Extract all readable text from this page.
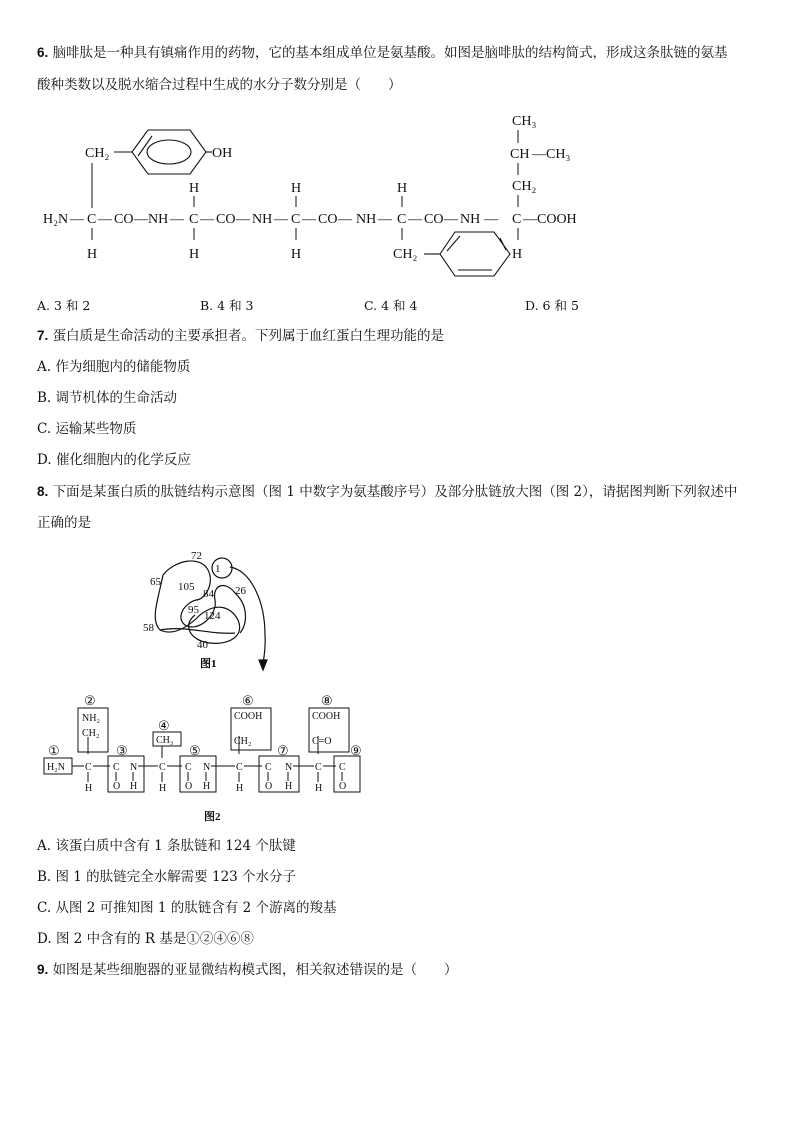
6. 脑啡肽是一种具有镇痛作用的药物，它的基本组成单位是氨基酸。如图是脑啡肽的结构简式，形成这条肽链的氨基
酸种类数以及脱水缩合过程中生成的水分子数分别是（　　）
CH₂	OH
CH₃
CH —CH₃
CH₂
H	H	H
H₂N — C — CO — NH — C — CO — NH — C — CO — NH — C — CO — NH — C — COOH
H	H	H	CH₂	H
A. 3 和 2	B. 4 和 3	C. 4 和 4	D. 6 和 5
7. 蛋白质是生命活动的主要承担者。下列属于血红蛋白生理功能的是
A. 作为细胞内的储能物质
B. 调节机体的生命活动
C. 运输某些物质
D. 催化细胞内的化学反应
8. 下面是某蛋白质的肽链结构示意图（图 1 中数字为氨基酸序号）及部分肽链放大图（图 2），请据图判断下列叙述中
正确的是
72
1
65 105
84 26
95 124
58
40
图1
①
②
③
④
⑤
⑥
⑦
⑧
⑨
NH₂
CH₂
CH₃
COOH
CH₂
COOH
C=O
H₂N C C N C C N	C C N C C
H O H H O H	H O H H O
图2
A. 该蛋白质中含有 1 条肽链和 124 个肽键
B. 图 1 的肽链完全水解需要 123 个水分子
C. 从图 2 可推知图 1 的肽链含有 2 个游离的羧基
D. 图 2 中含有的 R 基是①②④⑥⑧
9. 如图是某些细胞器的亚显微结构模式图，相关叙述错误的是（　　）
